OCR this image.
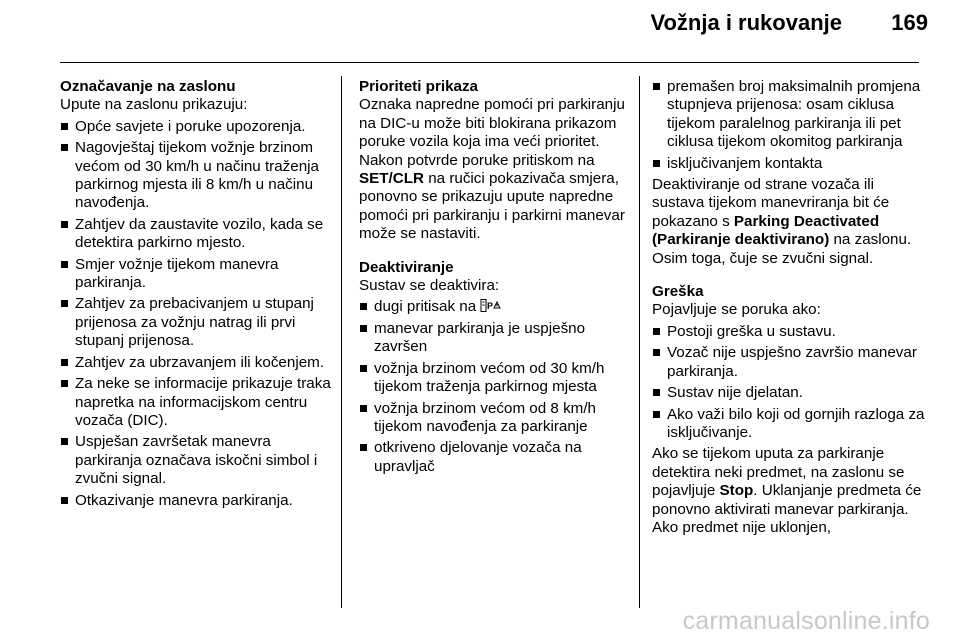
Vožnja i rukovanje 169
Označavanje na zaslonu
Upute na zaslonu prikazuju:
Opće savjete i poruke upozorenja.
Nagovještaj tijekom vožnje brzinom većom od 30 km/h u načinu traženja parkirnog mjesta ili 8 km/h u načinu navođenja.
Zahtjev da zaustavite vozilo, kada se detektira parkirno mjesto.
Smjer vožnje tijekom manevra parkiranja.
Zahtjev za prebacivanjem u stupanj prijenosa za vožnju natrag ili prvi stupanj prijenosa.
Zahtjev za ubrzavanjem ili kočenjem.
Za neke se informacije prikazuje traka napretka na informacijskom centru vozača (DIC).
Uspješan završetak manevra parkiranja označava iskočni simbol i zvučni signal.
Otkazivanje manevra parkiranja.
Prioriteti prikaza
Oznaka napredne pomoći pri parkiranju na DIC-u može biti blokirana prikazom poruke vozila koja ima veći prioritet. Nakon potvrde poruke pritiskom na SET/CLR na ručici pokazivača smjera, ponovno se prikazuju upute napredne pomoći pri parkiranju i parkirni manevar može se nastaviti.
Deaktiviranje
Sustav se deaktivira:
dugi pritisak na P
manevar parkiranja je uspješno završen
vožnja brzinom većom od 30 km/h tijekom traženja parkirnog mjesta
vožnja brzinom većom od 8 km/h tijekom navođenja za parkiranje
otkriveno djelovanje vozača na upravljač
premašen broj maksimalnih promjena stupnjeva prijenosa: osam ciklusa tijekom paralelnog parkiranja ili pet ciklusa tijekom okomitog parkiranja
isključivanjem kontakta
Deaktiviranje od strane vozača ili sustava tijekom manevriranja bit će pokazano s Parking Deactivated (Parkiranje deaktivirano) na zaslonu. Osim toga, čuje se zvučni signal.
Greška
Pojavljuje se poruka ako:
Postoji greška u sustavu.
Vozač nije uspješno završio manevar parkiranja.
Sustav nije djelatan.
Ako važi bilo koji od gornjih razloga za isključivanje.
Ako se tijekom uputa za parkiranje detektira neki predmet, na zaslonu se pojavljuje Stop. Uklanjanje predmeta će ponovno aktivirati manevar parkiranja. Ako predmet nije uklonjen,
carmanualsonline.info
